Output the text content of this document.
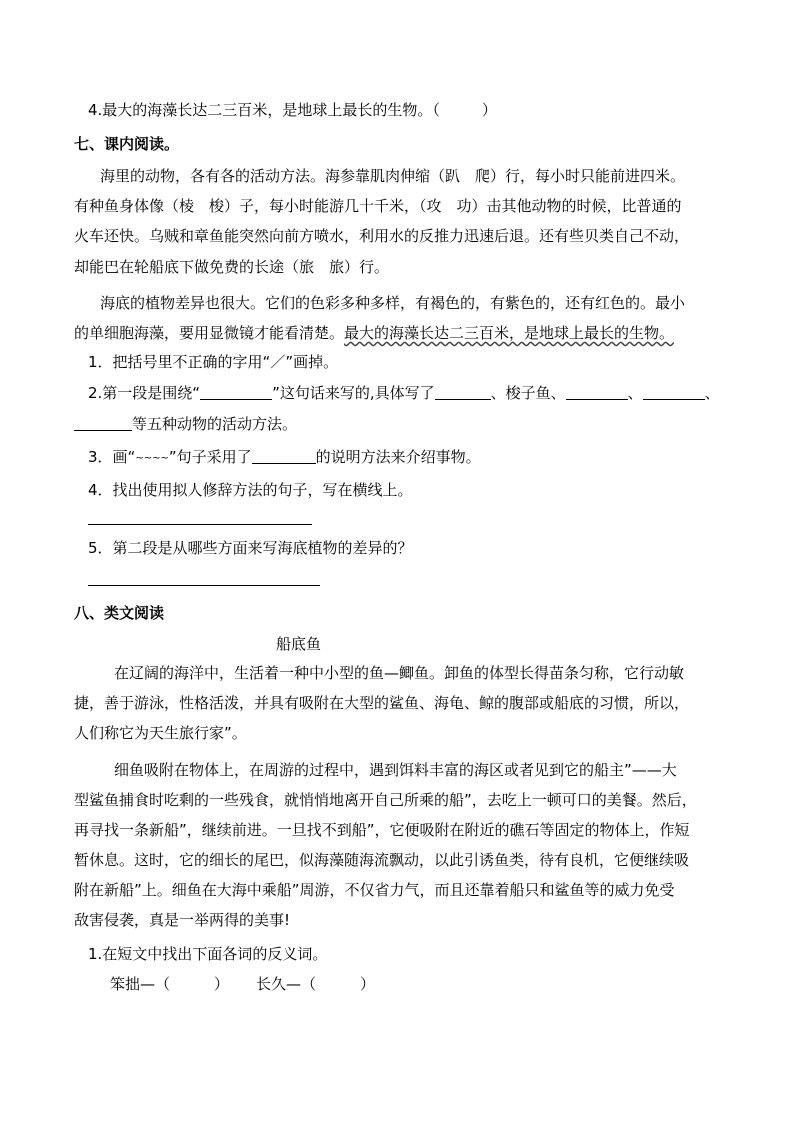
4.最大的海藻长达二三百米，是地球上最长的生物。（	）
七、课内阅读。
海里的动物，各有各的活动方法。海参靠肌肉伸缩（趴　爬）行，每小时只能前进四米。
有种鱼身体像（棱　梭）子，每小时能游几十千米，（攻　功）击其他动物的时候，比普通的
火车还快。乌贼和章鱼能突然向前方喷水，利用水的反推力迅速后退。还有些贝类自己不动，
却能巴在轮船底下做免费的长途（旅　旅）行。
海底的植物差异也很大。它们的色彩多种多样，有褐色的，有紫色的，还有红色的。最小
的单细胞海藻，要用显微镜才能看清楚。最大的海藻长达二三百米，是地球上最长的生物。
1．把括号里不正确的字用“／”画掉。
2.第一段是围绕“	”这句话来写的,具体写了	、梭子鱼、	、	、
等五种动物的活动方法。
3．画“~~~~”句子采用了	的说明方法来介绍事物。
4．找出使用拟人修辞方法的句子，写在横线上。
5．第二段是从哪些方面来写海底植物的差异的？
八、类文阅读
船底鱼
在辽阔的海洋中，生活着一种中小型的鱼—鲫鱼。卸鱼的体型长得苗条匀称，它行动敏
捷，善于游泳，性格活泼，并具有吸附在大型的鲨鱼、海龟、鲸的腹部或船底的习惯，所以，
人们称它为天生旅行家”。
细鱼吸附在物体上，在周游的过程中，遇到饵料丰富的海区或者见到它的船主”——大
型鲨鱼捕食时吃剩的一些残食，就悄悄地离开自己所乘的船”，去吃上一顿可口的美餐。然后，
再寻找一条新船”，继续前进。一旦找不到船”，它便吸附在附近的礁石等固定的物体上，作短
暂休息。这时，它的细长的尾巴，似海藻随海流飘动，以此引诱鱼类，待有良机，它便继续吸
附在新船”上。细鱼在大海中乘船”周游，不仅省力气，而且还靠着船只和鲨鱼等的威力免受
敌害侵袭，真是一举两得的美事!
1.在短文中找出下面各词的反义词。
笨拙—（	） 长久—（	）
